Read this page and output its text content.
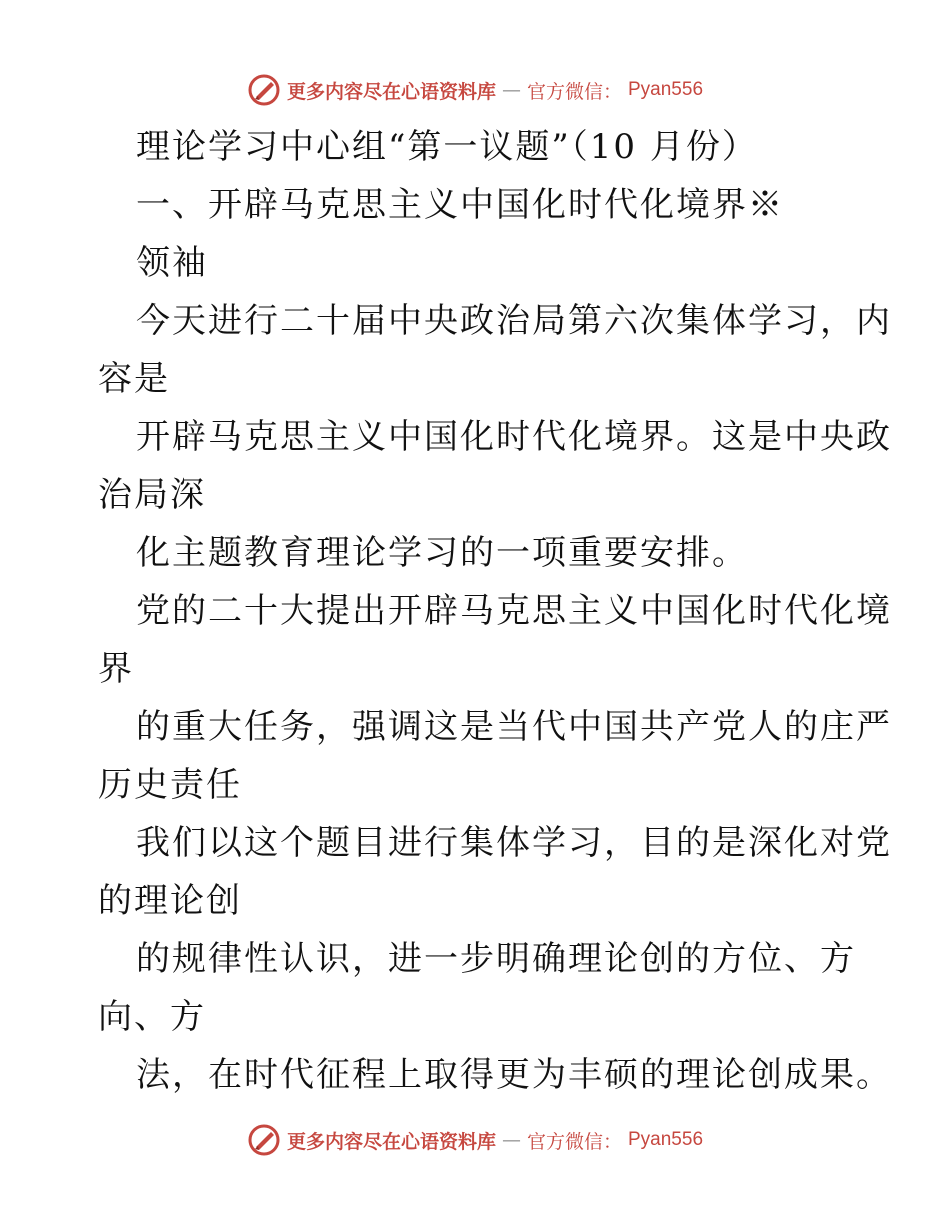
更多内容尽在心语资料库 — 官方微信： Pyan556
理论学习中心组“第一议题”（10 月份）
一、开辟马克思主义中国化时代化境界※
领袖
今天进行二十届中央政治局第六次集体学习，内
容是
开辟马克思主义中国化时代化境界。这是中央政
治局深
化主题教育理论学习的一项重要安排。
党的二十大提出开辟马克思主义中国化时代化境
界
的重大任务，强调这是当代中国共产党人的庄严
历史责任
我们以这个题目进行集体学习，目的是深化对党
的理论创
的规律性认识，进一步明确理论创的方位、方
向、方
法，在时代征程上取得更为丰硕的理论创成果。
更多内容尽在心语资料库 — 官方微信： Pyan556
